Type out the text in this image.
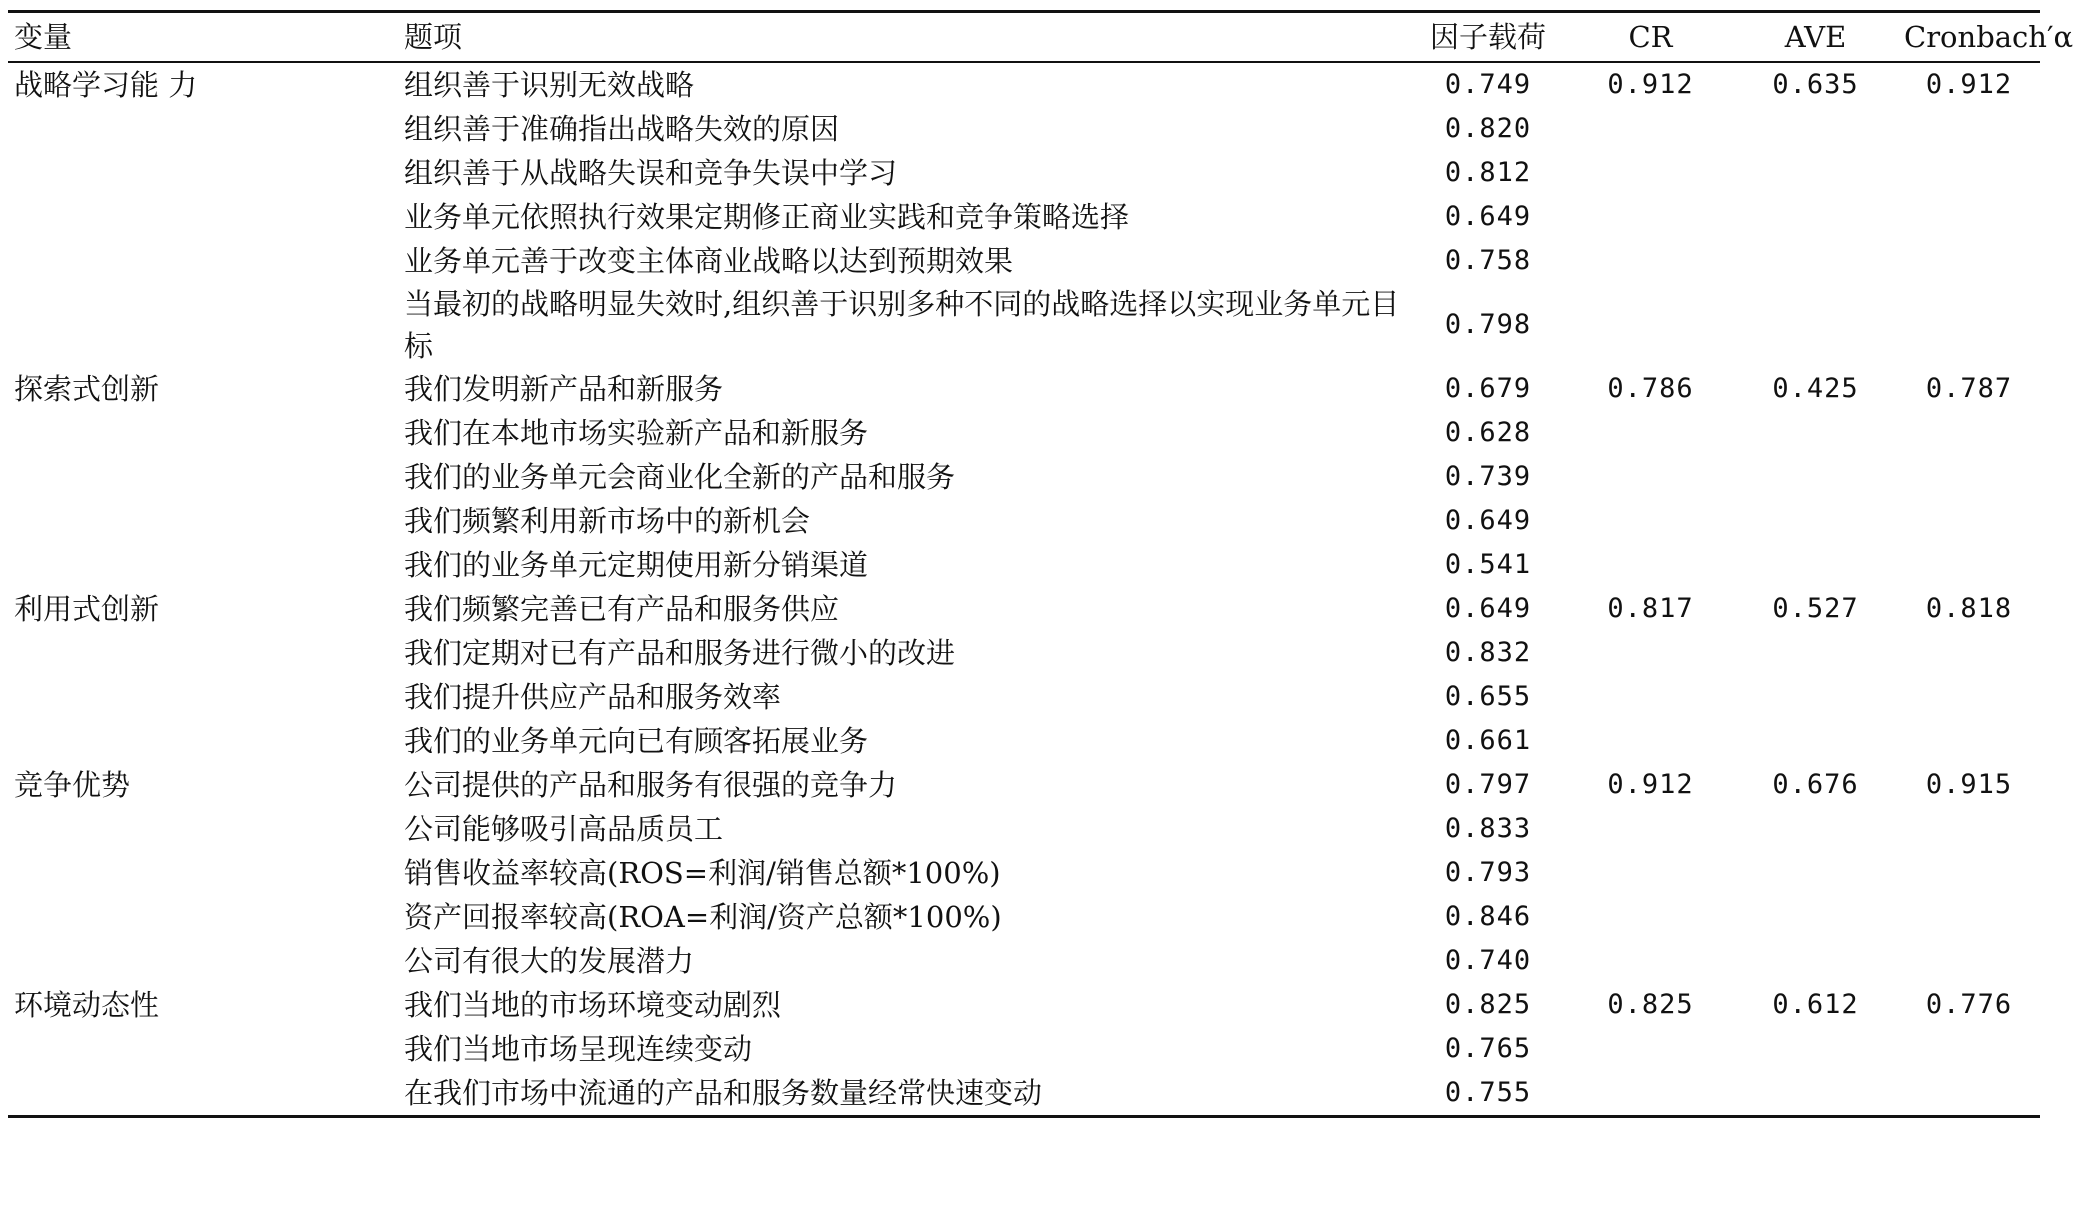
变量	题项	因子载荷	CR	AVE	Cronbach′α
战略学习能 力	组织善于识别无效战略	0.749	0.912	0.635	0.912
	组织善于准确指出战略失效的原因	0.820			
	组织善于从战略失误和竞争失误中学习	0.812			
	业务单元依照执行效果定期修正商业实践和竞争策略选择	0.649			
	业务单元善于改变主体商业战略以达到预期效果	0.758			
	当最初的战略明显失效时,组织善于识别多种不同的战略选择以实现业务单元目标	0.798			
探索式创新	我们发明新产品和新服务	0.679	0.786	0.425	0.787
	我们在本地市场实验新产品和新服务	0.628			
	我们的业务单元会商业化全新的产品和服务	0.739			
	我们频繁利用新市场中的新机会	0.649			
	我们的业务单元定期使用新分销渠道	0.541			
利用式创新	我们频繁完善已有产品和服务供应	0.649	0.817	0.527	0.818
	我们定期对已有产品和服务进行微小的改进	0.832			
	我们提升供应产品和服务效率	0.655			
	我们的业务单元向已有顾客拓展业务	0.661			
竞争优势	公司提供的产品和服务有很强的竞争力	0.797	0.912	0.676	0.915
	公司能够吸引高品质员工	0.833			
	销售收益率较高(ROS=利润/销售总额*100%)	0.793			
	资产回报率较高(ROA=利润/资产总额*100%)	0.846			
	公司有很大的发展潜力	0.740			
环境动态性	我们当地的市场环境变动剧烈	0.825	0.825	0.612	0.776
	我们当地市场呈现连续变动	0.765			
	在我们市场中流通的产品和服务数量经常快速变动	0.755			
